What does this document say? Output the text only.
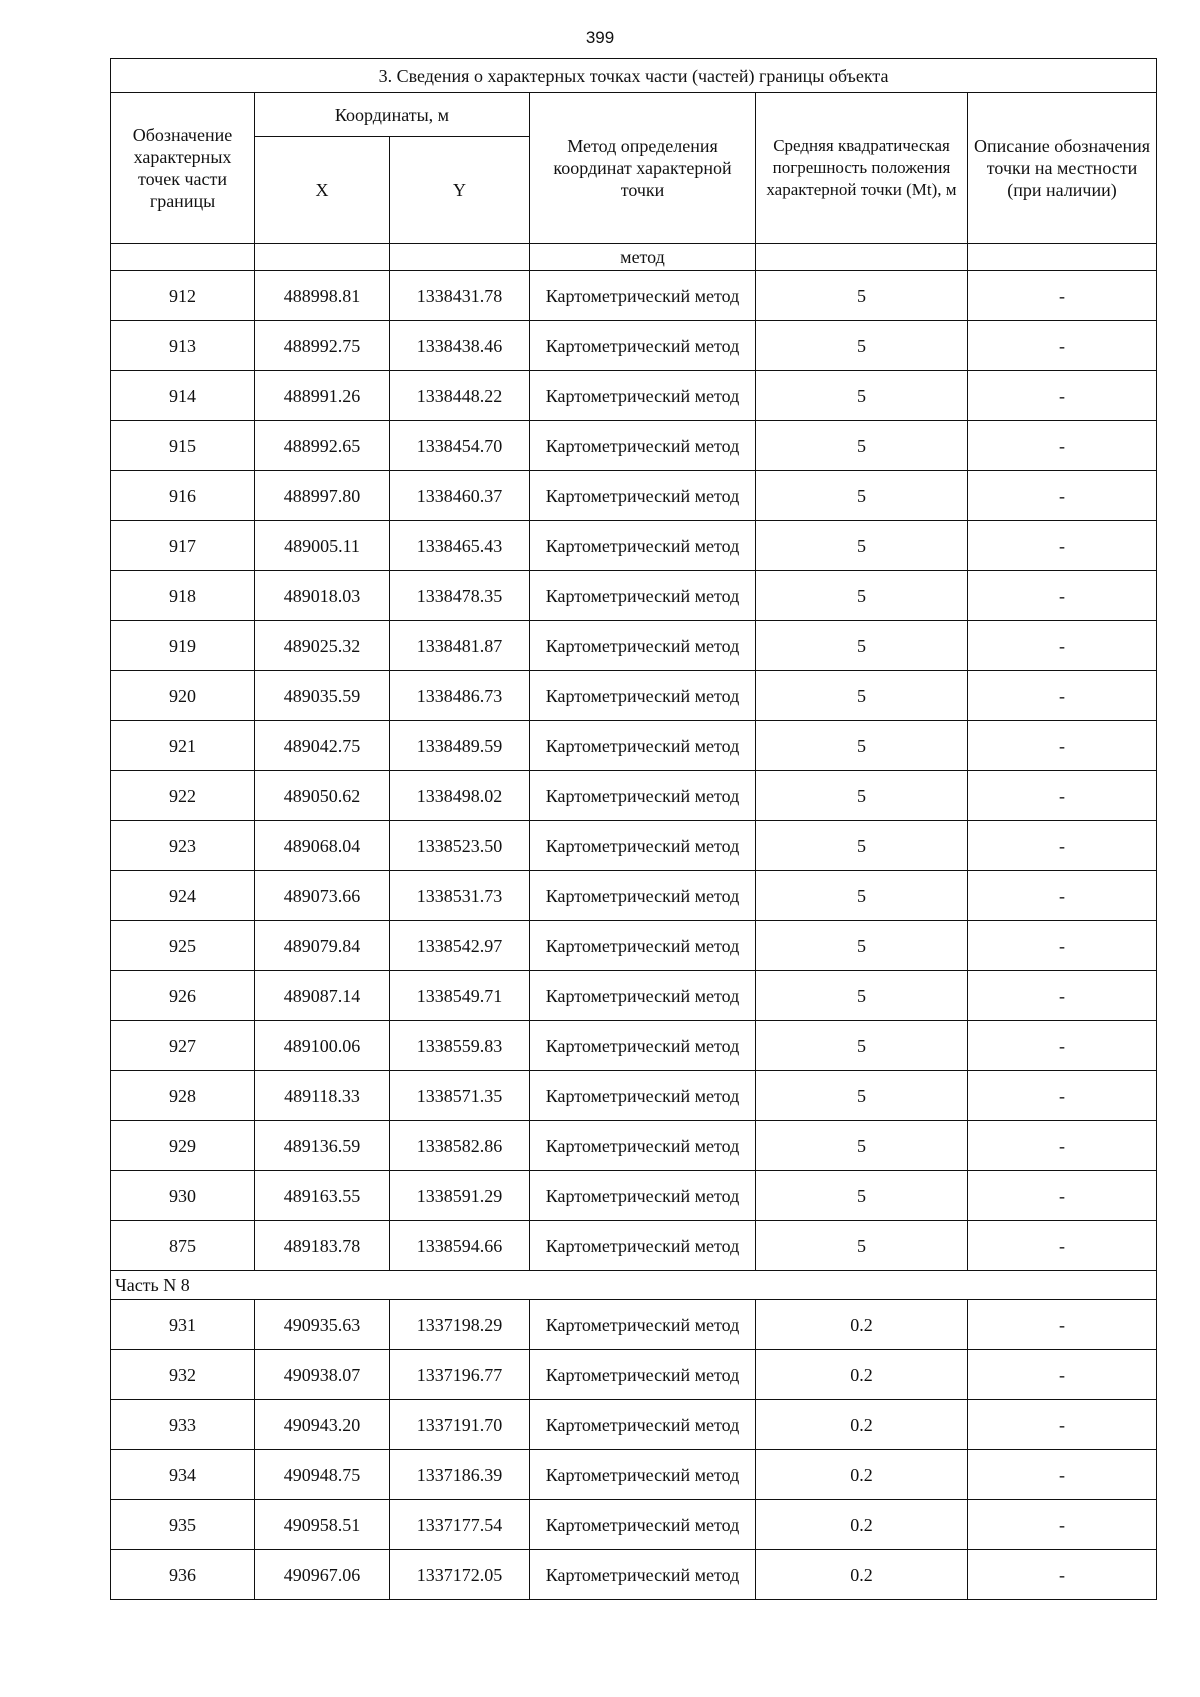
399
3. Сведения о характерных точках части (частей) границы объекта					
Обозначение характерных точек части границы	Координаты, м		Метод определения координат характерной точки	Средняя квадратическая погрешность положения характерной точки (Mt), м	Описание обозначения точки на местности (при наличии)
	X	Y			
			метод		
912	488998.81	1338431.78	Картометрический метод	5	-
913	488992.75	1338438.46	Картометрический метод	5	-
914	488991.26	1338448.22	Картометрический метод	5	-
915	488992.65	1338454.70	Картометрический метод	5	-
916	488997.80	1338460.37	Картометрический метод	5	-
917	489005.11	1338465.43	Картометрический метод	5	-
918	489018.03	1338478.35	Картометрический метод	5	-
919	489025.32	1338481.87	Картометрический метод	5	-
920	489035.59	1338486.73	Картометрический метод	5	-
921	489042.75	1338489.59	Картометрический метод	5	-
922	489050.62	1338498.02	Картометрический метод	5	-
923	489068.04	1338523.50	Картометрический метод	5	-
924	489073.66	1338531.73	Картометрический метод	5	-
925	489079.84	1338542.97	Картометрический метод	5	-
926	489087.14	1338549.71	Картометрический метод	5	-
927	489100.06	1338559.83	Картометрический метод	5	-
928	489118.33	1338571.35	Картометрический метод	5	-
929	489136.59	1338582.86	Картометрический метод	5	-
930	489163.55	1338591.29	Картометрический метод	5	-
875	489183.78	1338594.66	Картометрический метод	5	-
Часть N 8					
931	490935.63	1337198.29	Картометрический метод	0.2	-
932	490938.07	1337196.77	Картометрический метод	0.2	-
933	490943.20	1337191.70	Картометрический метод	0.2	-
934	490948.75	1337186.39	Картометрический метод	0.2	-
935	490958.51	1337177.54	Картометрический метод	0.2	-
936	490967.06	1337172.05	Картометрический метод	0.2	-
